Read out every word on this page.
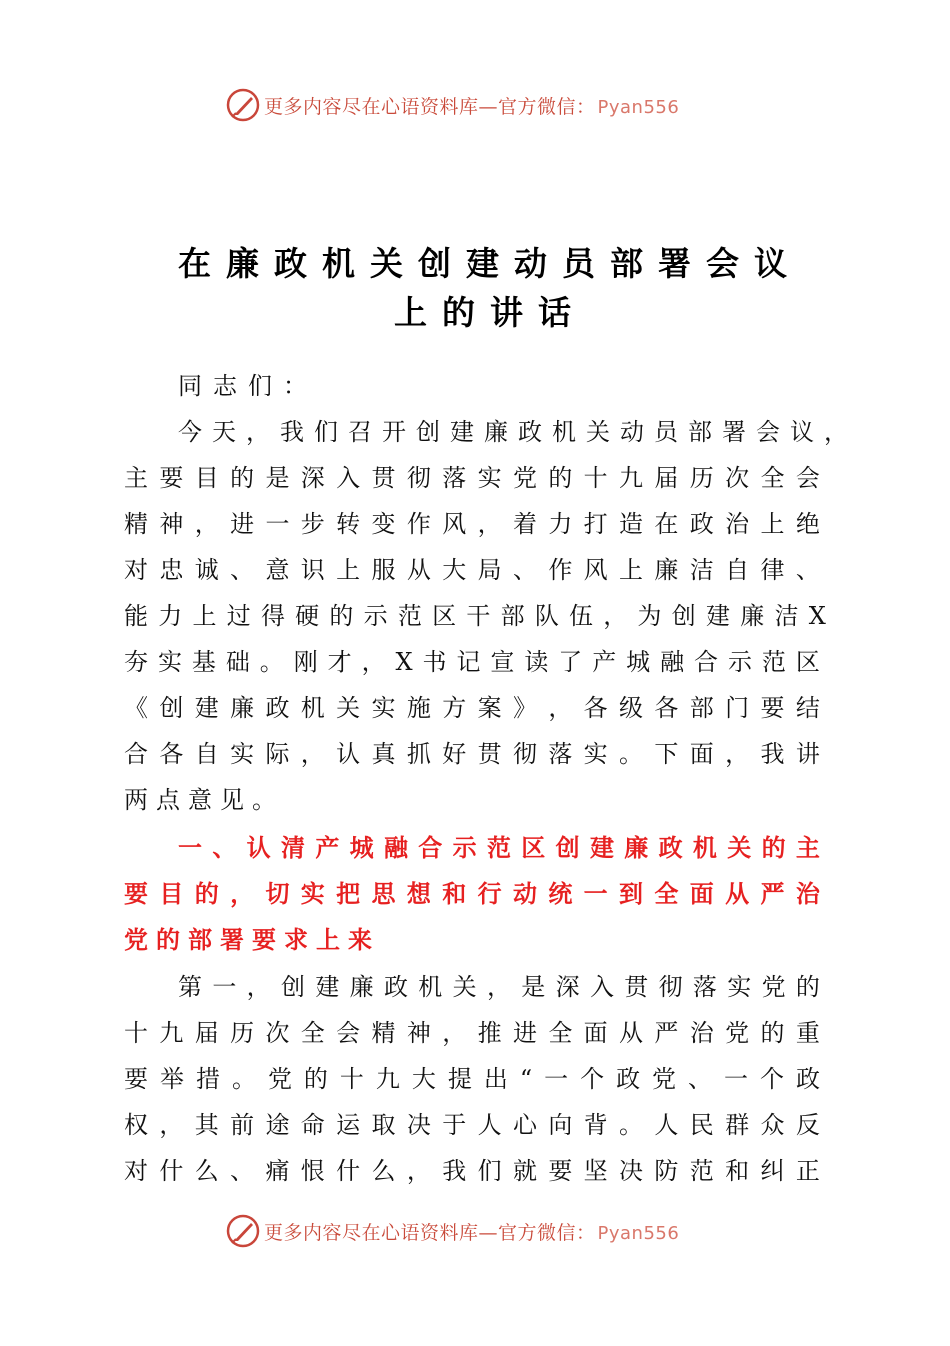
更多内容尽在心语资料库—官方微信： Pyan556
在廉政机关创建动员部署会议
上的讲话
同志们：
今 天 ， 我 们 召 开 创 建 廉 政 机 关 动 员 部 署 会 议 ，
主 要 目 的 是 深 入 贯 彻 落 实 党 的 十 九 届 历 次 全 会
精 神 ， 进 一 步 转 变 作 风 ， 着 力 打 造 在 政 治 上 绝
对 忠 诚 、 意 识 上 服 从 大 局 、 作 风 上 廉 洁 自 律 、
能 力 上 过 得 硬 的 示 范 区 干 部 队 伍 ， 为 创 建 廉 洁 X
夯 实 基 础 。 刚 才 ， X 书 记 宣 读 了 产 城 融 合 示 范 区
《 创 建 廉 政 机 关 实 施 方 案 》 ， 各 级 各 部 门 要 结
合 各 自 实 际 ， 认 真 抓 好 贯 彻 落 实 。 下 面 ， 我 讲
两点意见。
一 、 认 清 产 城 融 合 示 范 区 创 建 廉 政 机 关 的 主
要 目 的 ， 切 实 把 思 想 和 行 动 统 一 到 全 面 从 严 治
党的部署要求上来
第 一 ， 创 建 廉 政 机 关 ， 是 深 入 贯 彻 落 实 党 的
十 九 届 历 次 全 会 精 神 ， 推 进 全 面 从 严 治 党 的 重
要 举 措 。 党 的 十 九 大 提 出 “ 一 个 政 党 、 一 个 政
权 ， 其 前 途 命 运 取 决 于 人 心 向 背 。 人 民 群 众 反
对 什 么 、 痛 恨 什 么 ， 我 们 就 要 坚 决 防 范 和 纠 正
更多内容尽在心语资料库—官方微信： Pyan556
